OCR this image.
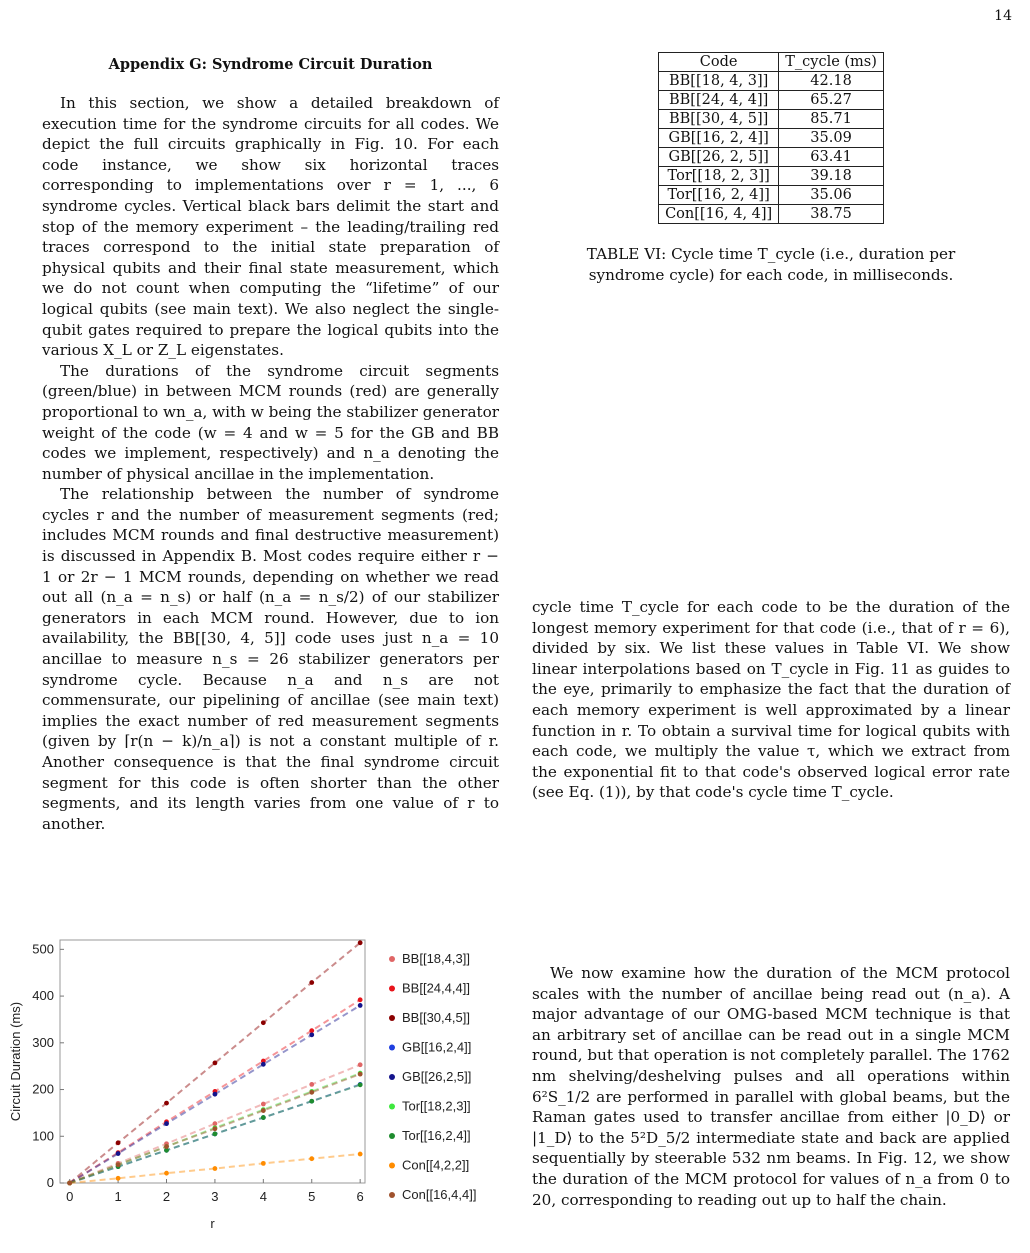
14
Appendix G: Syndrome Circuit Duration

In this section, we show a detailed breakdown of execution time for the syndrome circuits for all codes. We depict the full circuits graphically in Fig. 10. For each code instance, we show six horizontal traces corresponding to implementations over r = 1, ..., 6 syndrome cycles. Vertical black bars delimit the start and stop of the memory experiment – the leading/trailing red traces correspond to the initial state preparation of physical qubits and their final state measurement, which we do not count when computing the “lifetime” of our logical qubits (see main text). We also neglect the single-qubit gates required to prepare the logical qubits into the various X_L or Z_L eigenstates.

The durations of the syndrome circuit segments (green/blue) in between MCM rounds (red) are generally proportional to wn_a, with w being the stabilizer generator weight of the code (w = 4 and w = 5 for the GB and BB codes we implement, respectively) and n_a denoting the number of physical ancillae in the implementation.

The relationship between the number of syndrome cycles r and the number of measurement segments (red; includes MCM rounds and final destructive measurement) is discussed in Appendix B. Most codes require either r − 1 or 2r − 1 MCM rounds, depending on whether we read out all (n_a = n_s) or half (n_a = n_s/2) of our stabilizer generators in each MCM round. However, due to ion availability, the BB[[30, 4, 5]] code uses just n_a = 10 ancillae to measure n_s = 26 stabilizer generators per syndrome cycle. Because n_a and n_s are not commensurate, our pipelining of ancillae (see main text) implies the exact number of red measurement segments (given by ⌈r(n − k)/n_a⌉) is not a constant multiple of r. Another consequence is that the final syndrome circuit segment for this code is often shorter than the other segments, and its length varies from one value of r to another.

Code	T_cycle (ms)
BB[[18, 4, 3]]	42.18
BB[[24, 4, 4]]	65.27
BB[[30, 4, 5]]	85.71
GB[[16, 2, 4]]	35.09
GB[[26, 2, 5]]	63.41
Tor[[18, 2, 3]]	39.18
Tor[[16, 2, 4]]	35.06
Con[[16, 4, 4]]	38.75
TABLE VI: Cycle time T_cycle (i.e., duration per syndrome cycle) for each code, in milliseconds.

cycle time T_cycle for each code to be the duration of the longest memory experiment for that code (i.e., that of r = 6), divided by six. We list these values in Table VI. We show linear interpolations based on T_cycle in Fig. 11 as guides to the eye, primarily to emphasize the fact that the duration of each memory experiment is well approximated by a linear function in r. To obtain a survival time for logical qubits with each code, we multiply the value τ, which we extract from the exponential fit to that code's observed logical error rate (see Eq. (1)), by that code's cycle time T_cycle.

We now examine how the duration of the MCM protocol scales with the number of ancillae being read out (n_a). A major advantage of our OMG-based MCM technique is that an arbitrary set of ancillae can be read out in a single MCM round, but that operation is not completely parallel. The 1762 nm shelving/deshelving pulses and all operations within 6²S_1/2 are performed in parallel with global beams, but the Raman gates used to transfer ancillae from either |0_D⟩ or |1_D⟩ to the 5²D_5/2 intermediate state and back are applied sequentially by steerable 532 nm beams. In Fig. 12, we show the duration of the MCM protocol for values of n_a from 0 to 20, corresponding to reading out up to half the chain.

0	1	2	3	4	5	6
0
100
200
300
400
500
r
Circuit Duration (ms)
BB[[18,4,3]]
BB[[24,4,4]]
BB[[30,4,5]]
GB[[16,2,4]]
GB[[26,2,5]]
Tor[[18,2,3]]
Tor[[16,2,4]]
Con[[4,2,2]]
Con[[16,4,4]]
